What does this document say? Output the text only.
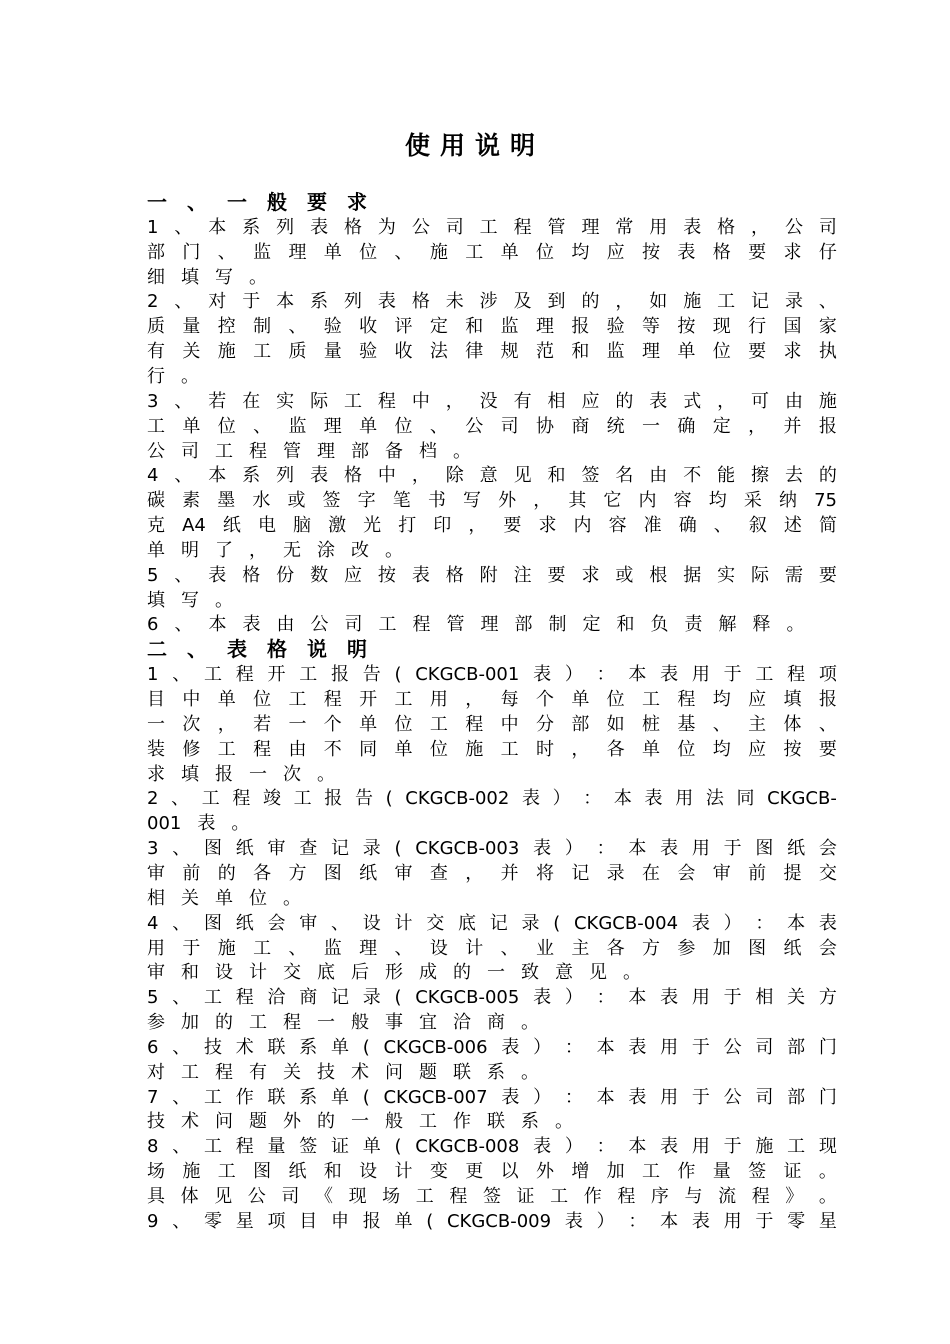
使用说明
一 、 一 般 要 求
1 、 本 系 列 表 格 为 公 司 工 程 管 理 常 用 表 格 ， 公 司
部 门 、 监 理 单 位 、 施 工 单 位 均 应 按 表 格 要 求 仔
细 填 写 。
2 、 对 于 本 系 列 表 格 未 涉 及 到 的 ， 如 施 工 记 录 、
质 量 控 制 、 验 收 评 定 和 监 理 报 验 等 按 现 行 国 家
有 关 施 工 质 量 验 收 法 律 规 范 和 监 理 单 位 要 求 执
行 。
3 、 若 在 实 际 工 程 中 ， 没 有 相 应 的 表 式 ， 可 由 施
工 单 位 、 监 理 单 位 、 公 司 协 商 统 一 确 定 ， 并 报
公 司 工 程 管 理 部 备 档 。
4 、 本 系 列 表 格 中 ， 除 意 见 和 签 名 由 不 能 擦 去 的
碳 素 墨 水 或 签 字 笔 书 写 外 ， 其 它 内 容 均 采 纳 75
克 A4 纸 电 脑 激 光 打 印 ， 要 求 内 容 准 确 、 叙 述 简
单 明 了 ， 无 涂 改 。
5 、 表 格 份 数 应 按 表 格 附 注 要 求 或 根 据 实 际 需 要
填 写 。
6 、 本 表 由 公 司 工 程 管 理 部 制 定 和 负 责 解 释 。
二 、 表 格 说 明
1 、 工 程 开 工 报 告 ( CKGCB-001 表 ） ： 本 表 用 于 工 程 项
目 中 单 位 工 程 开 工 用 ， 每 个 单 位 工 程 均 应 填 报
一 次 ， 若 一 个 单 位 工 程 中 分 部 如 桩 基 、 主 体 、
装 修 工 程 由 不 同 单 位 施 工 时 ， 各 单 位 均 应 按 要
求 填 报 一 次 。
2 、 工 程 竣 工 报 告 ( CKGCB-002 表 ） ： 本 表 用 法 同 CKGCB-
001 表 。
3 、 图 纸 审 查 记 录 ( CKGCB-003 表 ） ： 本 表 用 于 图 纸 会
审 前 的 各 方 图 纸 审 查 ， 并 将 记 录 在 会 审 前 提 交
相 关 单 位 。
4 、 图 纸 会 审 、 设 计 交 底 记 录 ( CKGCB-004 表 ） ： 本 表
用 于 施 工 、 监 理 、 设 计 、 业 主 各 方 参 加 图 纸 会
审 和 设 计 交 底 后 形 成 的 一 致 意 见 。
5 、 工 程 洽 商 记 录 ( CKGCB-005 表 ） ： 本 表 用 于 相 关 方
参 加 的 工 程 一 般 事 宜 洽 商 。
6 、 技 术 联 系 单 ( CKGCB-006 表 ） ： 本 表 用 于 公 司 部 门
对 工 程 有 关 技 术 问 题 联 系 。
7 、 工 作 联 系 单 ( CKGCB-007 表 ） ： 本 表 用 于 公 司 部 门
技 术 问 题 外 的 一 般 工 作 联 系 。
8 、 工 程 量 签 证 单 ( CKGCB-008 表 ） ： 本 表 用 于 施 工 现
场 施 工 图 纸 和 设 计 变 更 以 外 增 加 工 作 量 签 证 。
具 体 见 公 司 《 现 场 工 程 签 证 工 作 程 序 与 流 程 》 。
9 、 零 星 项 目 申 报 单 ( CKGCB-009 表 ） ： 本 表 用 于 零 星
